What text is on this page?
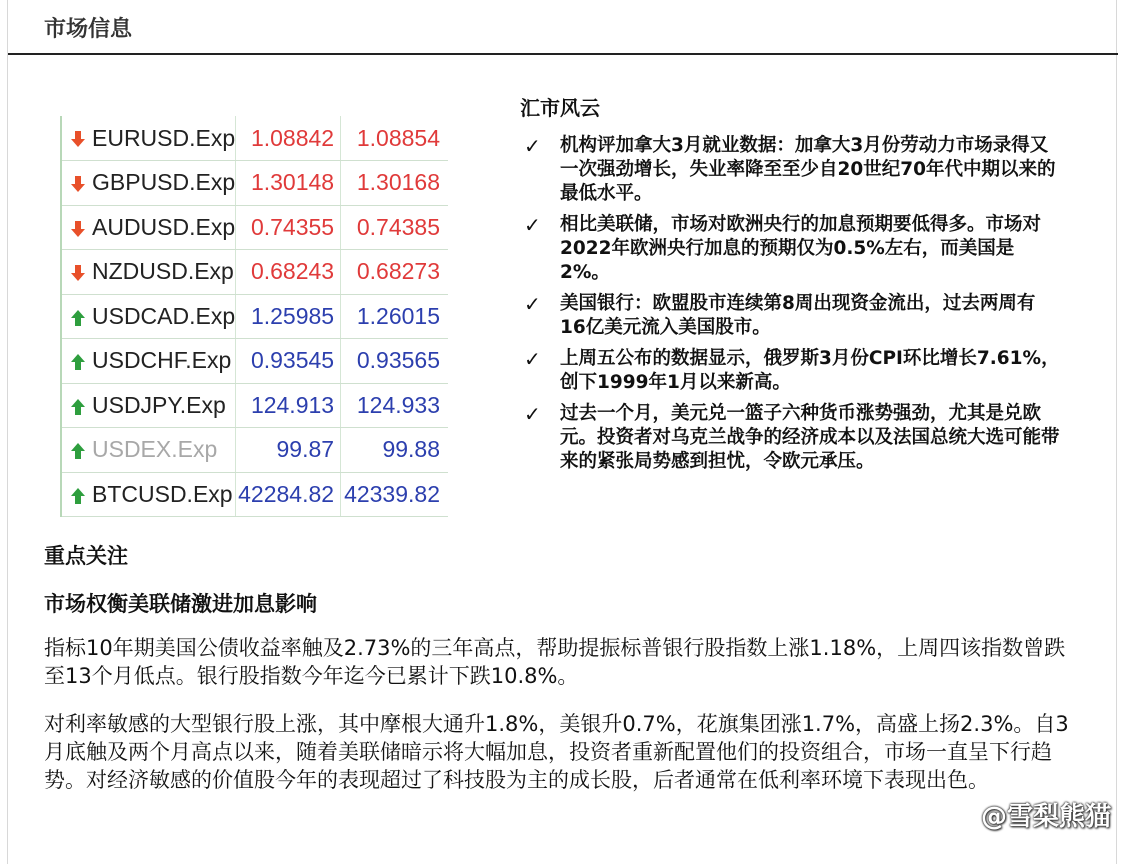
市场信息
EURUSD.Exp	1.08842	1.08854

GBPUSD.Exp	1.30148	1.30168

AUDUSD.Exp	0.74355	0.74385

NZDUSD.Exp	0.68243	0.68273

USDCAD.Exp	1.25985	1.26015

USDCHF.Exp	0.93545	0.93565

USDJPY.Exp	124.913	124.933

USDEX.Exp	99.87	99.88

BTCUSD.Exp	42284.82	42339.82
汇市风云
✓ 机构评加拿大3月就业数据：加拿大3月份劳动力市场录得又一次强劲增长，失业率降至至少自20世纪70年代中期以来的最低水平。
✓ 相比美联储，市场对欧洲央行的加息预期要低得多。市场对2022年欧洲央行加息的预期仅为0.5%左右，而美国是2%。
✓ 美国银行：欧盟股市连续第8周出现资金流出，过去两周有16亿美元流入美国股市。
✓ 上周五公布的数据显示，俄罗斯3月份CPI环比增长7.61%，创下1999年1月以来新高。
✓ 过去一个月，美元兑一篮子六种货币涨势强劲，尤其是兑欧元。投资者对乌克兰战争的经济成本以及法国总统大选可能带来的紧张局势感到担忧，令欧元承压。
重点关注
市场权衡美联储激进加息影响

指标10年期美国公债收益率触及2.73%的三年高点，帮助提振标普银行股指数上涨1.18%，上周四该指数曾跌至13个月低点。银行股指数今年迄今已累计下跌10.8%。

对利率敏感的大型银行股上涨，其中摩根大通升1.8%，美银升0.7%，花旗集团涨1.7%，高盛上扬2.3%。自3月底触及两个月高点以来，随着美联储暗示将大幅加息，投资者重新配置他们的投资组合，市场一直呈下行趋势。对经济敏感的价值股今年的表现超过了科技股为主的成长股，后者通常在低利率环境下表现出色。

@雪梨熊猫
